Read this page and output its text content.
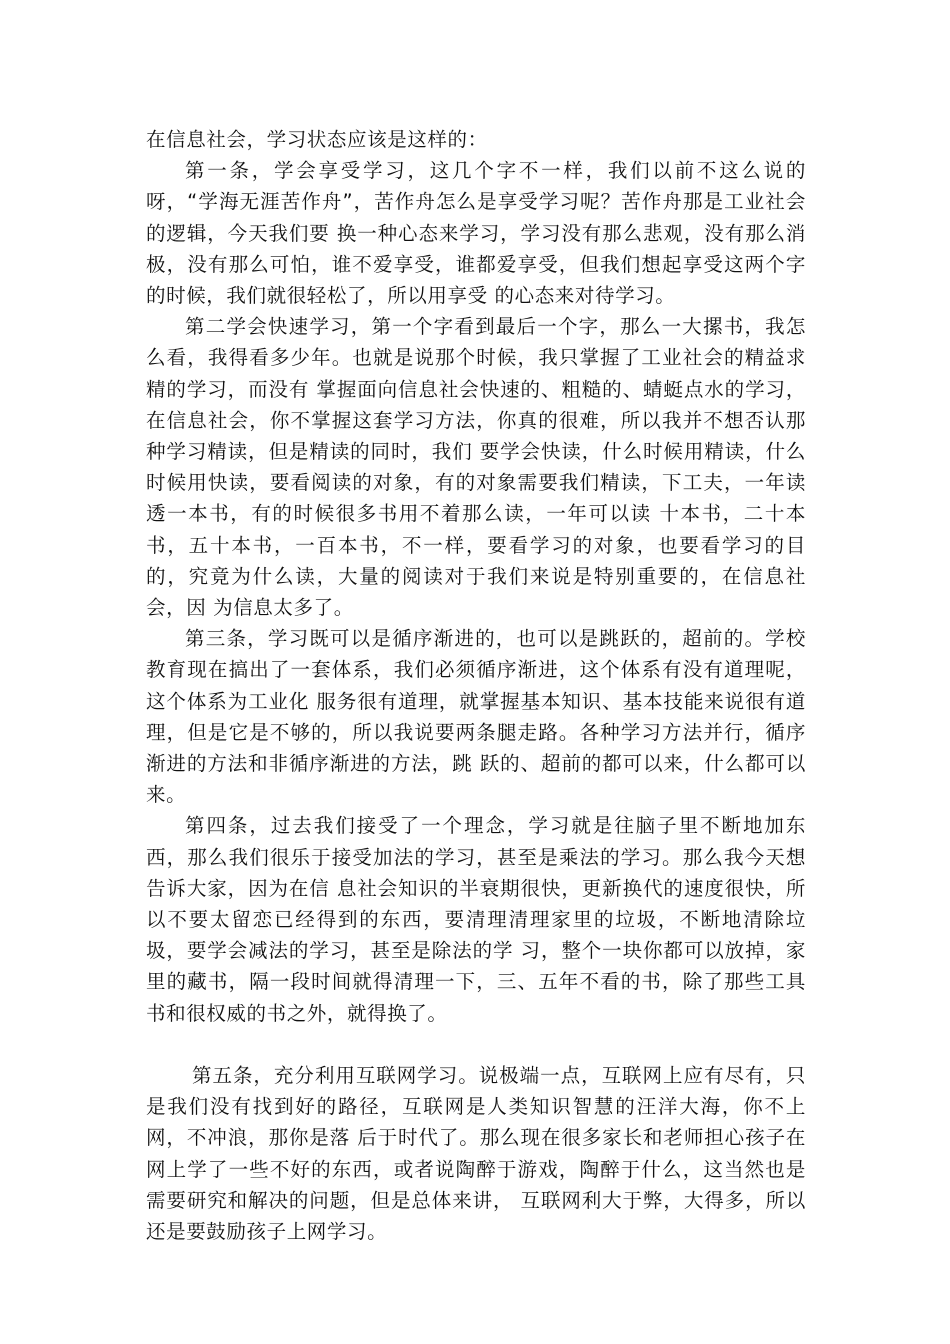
在信息社会，学习状态应该是这样的：

第一条，学会享受学习，这几个字不一样，我们以前不这么说的呀，“学海无涯苦作舟”，苦作舟怎么是享受学习呢？苦作舟那是工业社会的逻辑，今天我们要 换一种心态来学习，学习没有那么悲观，没有那么消极，没有那么可怕，谁不爱享受，谁都爱享受，但我们想起享受这两个字的时候，我们就很轻松了，所以用享受 的心态来对待学习。

第二学会快速学习，第一个字看到最后一个字，那么一大摞书，我怎么看，我得看多少年。也就是说那个时候，我只掌握了工业社会的精益求精的学习，而没有 掌握面向信息社会快速的、粗糙的、蜻蜓点水的学习，在信息社会，你不掌握这套学习方法，你真的很难，所以我并不想否认那种学习精读，但是精读的同时，我们 要学会快读，什么时候用精读，什么时候用快读，要看阅读的对象，有的对象需要我们精读，下工夫，一年读透一本书，有的时候很多书用不着那么读，一年可以读 十本书，二十本书，五十本书，一百本书，不一样，要看学习的对象，也要看学习的目的，究竟为什么读，大量的阅读对于我们来说是特别重要的，在信息社会，因 为信息太多了。

第三条，学习既可以是循序渐进的，也可以是跳跃的，超前的。学校教育现在搞出了一套体系，我们必须循序渐进，这个体系有没有道理呢，这个体系为工业化 服务很有道理，就掌握基本知识、基本技能来说很有道理，但是它是不够的，所以我说要两条腿走路。各种学习方法并行，循序渐进的方法和非循序渐进的方法，跳 跃的、超前的都可以来，什么都可以来。

第四条，过去我们接受了一个理念，学习就是往脑子里不断地加东西，那么我们很乐于接受加法的学习，甚至是乘法的学习。那么我今天想告诉大家，因为在信 息社会知识的半衰期很快，更新换代的速度很快，所以不要太留恋已经得到的东西，要清理清理家里的垃圾，不断地清除垃圾，要学会减法的学习，甚至是除法的学 习，整个一块你都可以放掉，家里的藏书，隔一段时间就得清理一下，三、五年不看的书，除了那些工具书和很权威的书之外，就得换了。

第五条，充分利用互联网学习。说极端一点，互联网上应有尽有，只是我们没有找到好的路径，互联网是人类知识智慧的汪洋大海，你不上网，不冲浪，那你是落 后于时代了。那么现在很多家长和老师担心孩子在网上学了一些不好的东西，或者说陶醉于游戏，陶醉于什么，这当然也是需要研究和解决的问题，但是总体来讲， 互联网利大于弊，大得多，所以还是要鼓励孩子上网学习。
